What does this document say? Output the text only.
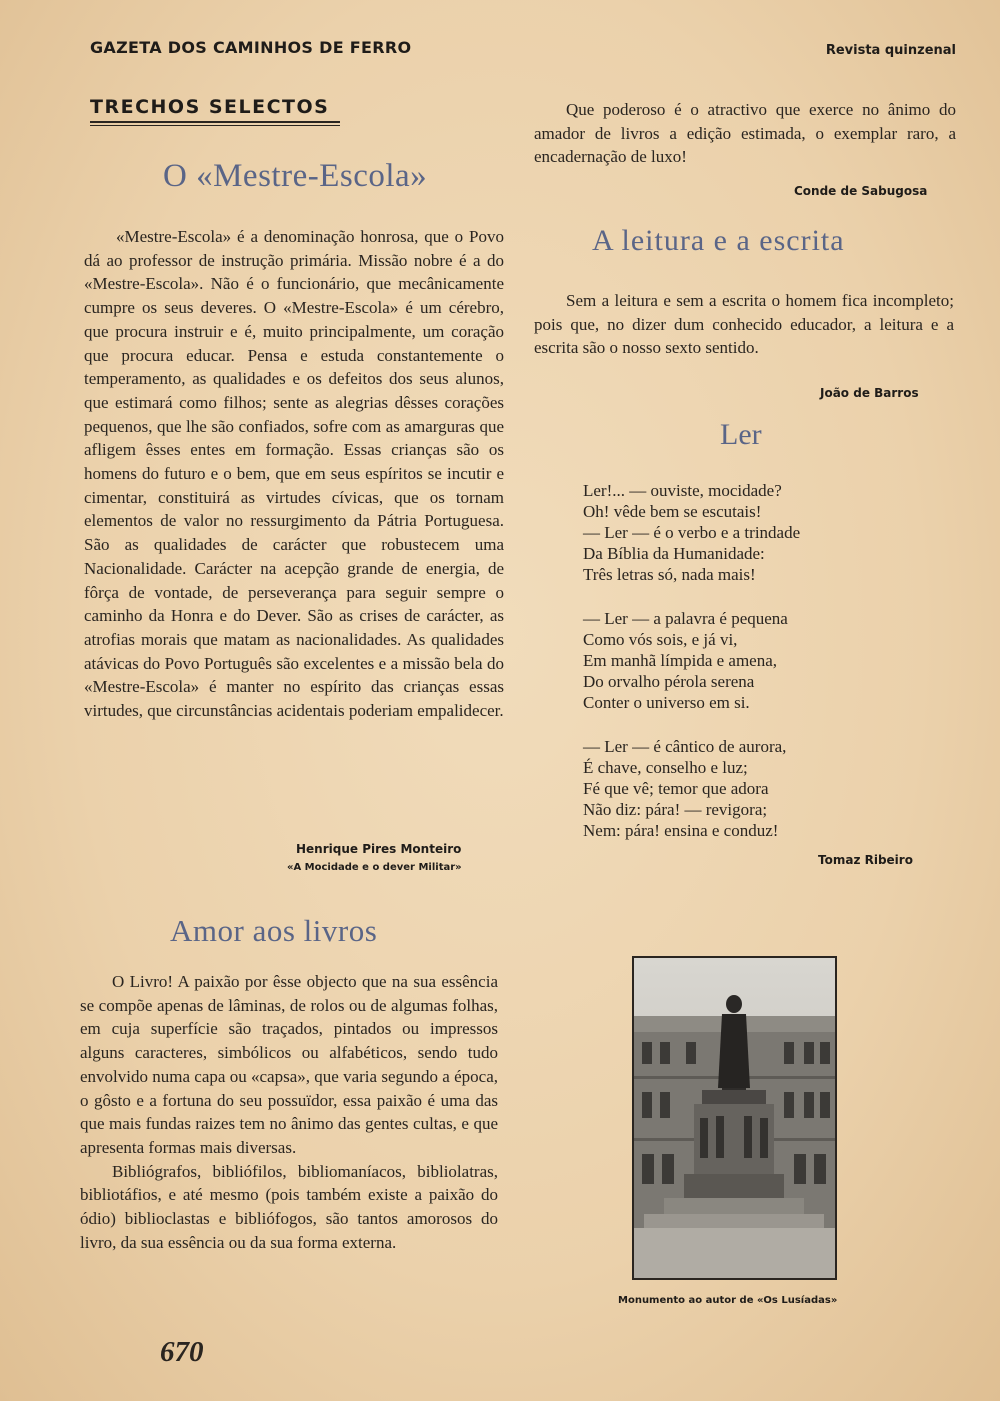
GAZETA DOS CAMINHOS DE FERRO	Revista quinzenal
TRECHOS SELECTOS
O «Mestre-Escola»

«Mestre-Escola» é a denominação honrosa, que o Povo dá ao professor de instrução primária. Missão nobre é a do «Mestre-Escola». Não é o funcionário, que mecânicamente cumpre os seus deveres. O «Mestre-Escola» é um cérebro, que procura instruir e é, muito principalmente, um coração que procura educar. Pensa e estuda constantemente o temperamento, as qualidades e os defeitos dos seus alunos, que estimará como filhos; sente as alegrias dêsses corações pequenos, que lhe são confiados, sofre com as amarguras que afligem êsses entes em formação. Essas crianças são os homens do futuro e o bem, que em seus espíritos se incutir e cimentar, constituirá as virtudes cívicas, que os tornam elementos de valor no ressurgimento da Pátria Portuguesa. São as qualidades de carácter que robustecem uma Nacionalidade. Carácter na acepção grande de energia, de fôrça de vontade, de perseverança para seguir sempre o caminho da Honra e do Dever. São as crises de carácter, as atrofias morais que matam as nacionalidades. As qualidades atávicas do Povo Português são excelentes e a missão bela do «Mestre-Escola» é manter no espírito das crianças essas virtudes, que circunstâncias acidentais poderiam empalidecer.

Henrique Pires Monteiro
«A Mocidade e o dever Militar»

Que poderoso é o atractivo que exerce no ânimo do amador de livros a edição estimada, o exemplar raro, a encadernação de luxo!

Conde de Sabugosa
A leitura e a escrita

Sem a leitura e sem a escrita o homem fica incompleto; pois que, no dizer dum conhecido educador, a leitura e a escrita são o nosso sexto sentido.

João de Barros
Ler
Ler!... — ouviste, mocidade?
Oh! vêde bem se escutais!
— Ler — é o verbo e a trindade
Da Bíblia da Humanidade:
Três letras só, nada mais!
— Ler — a palavra é pequena
Como vós sois, e já vi,
Em manhã límpida e amena,
Do orvalho pérola serena
Conter o universo em si.
— Ler — é cântico de aurora,
É chave, conselho e luz;
Fé que vê; temor que adora
Não diz: pára! — revigora;
Nem: pára! ensina e conduz!
Tomaz Ribeiro
Amor aos livros

O Livro! A paixão por êsse objecto que na sua essência se compõe apenas de lâminas, de rolos ou de algumas folhas, em cuja superfície são traçados, pintados ou impressos alguns caracteres, simbólicos ou alfabéticos, sendo tudo envolvido numa capa ou «capsa», que varia segundo a época, o gôsto e a fortuna do seu possuïdor, essa paixão é uma das que mais fundas raizes tem no ânimo das gentes cultas, e que apresenta formas mais diversas.

Bibliógrafos, bibliófilos, bibliomaníacos, bibliolatras, bibliotáfios, e até mesmo (pois também existe a paixão do ódio) biblioclastas e bibliófogos, são tantos amorosos do livro, da sua essência ou da sua forma externa.

Monumento ao autor de «Os Lusíadas»
670
